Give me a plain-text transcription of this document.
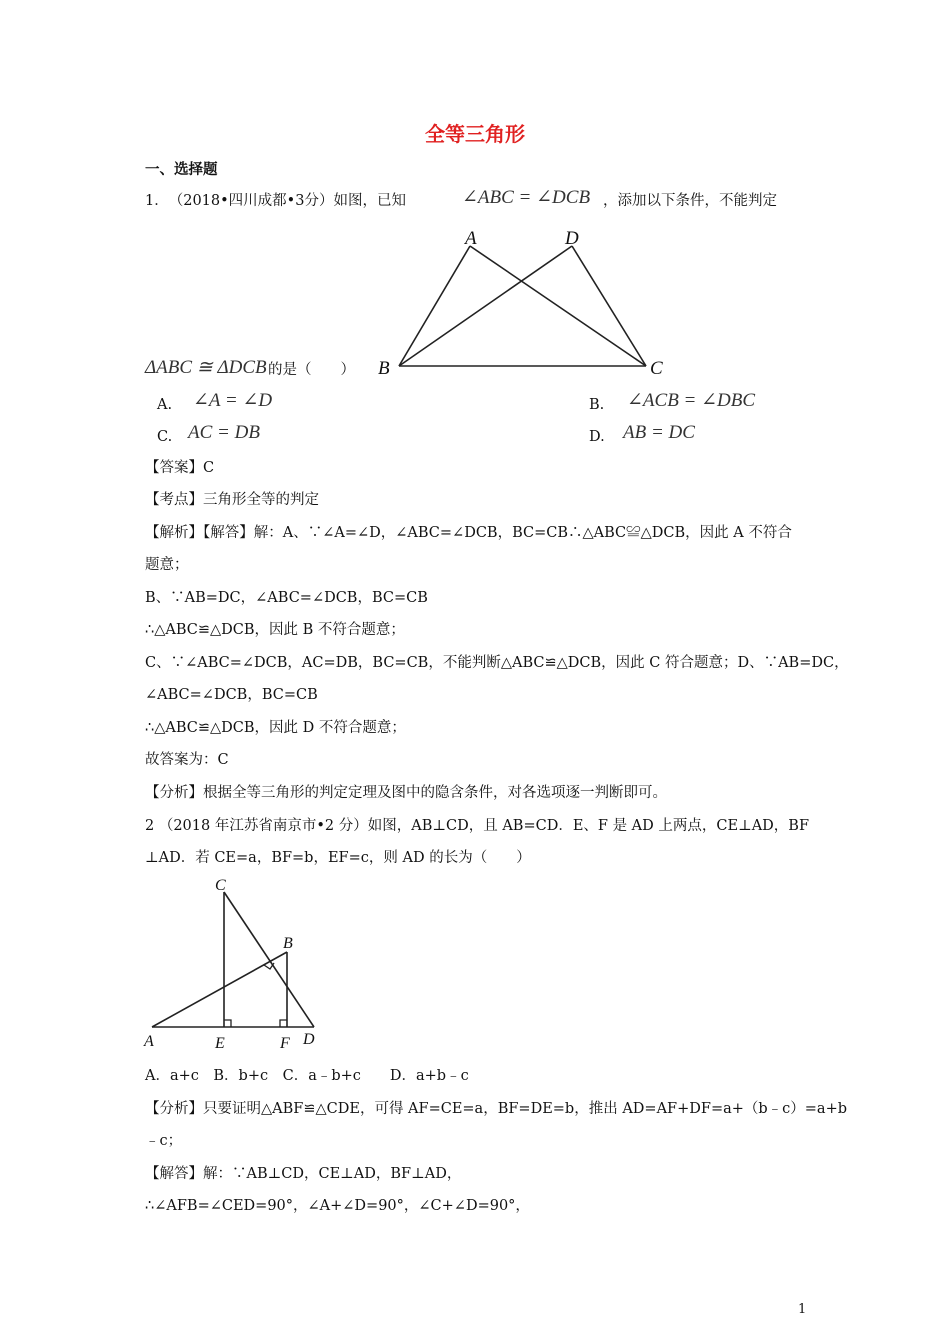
全等三角形
一、选择题
1．　（2018•四川成都•3分）如图，已知	∠ABC = ∠DCB ，添加以下条件，不能判定
A	D
B	C
ΔABC ≅ ΔDCB 的是（　　）
A. ∠A = ∠D	B. ∠ACB = ∠DBC
C. AC = DB	D. AB = DC
【答案】C
【考点】三角形全等的判定
【解析】【解答】解：A、∵∠A=∠D，∠ABC=∠DCB，BC=CB∴△ABC≌△DCB，因此 A 不符合
题意；
B、∵AB=DC，∠ABC=∠DCB，BC=CB
∴△ABC≌△DCB，因此 B 不符合题意；
C、∵∠ABC=∠DCB，AC=DB，BC=CB，不能判断△ABC≌△DCB，因此 C 符合题意；D、∵AB=DC，
∠ABC=∠DCB，BC=CB
∴△ABC≌△DCB，因此 D 不符合题意；
故答案为：C
【分析】根据全等三角形的判定定理及图中的隐含条件，对各选项逐一判断即可。
2 （2018 年江苏省南京市•2 分）如图，AB⊥CD，且 AB=CD．E、F 是 AD 上两点，CE⊥AD，BF
⊥AD．若 CE=a，BF=b，EF=c，则 AD 的长为（　　）
C
B
A	E	F D
A．a+c　B．b+c　C．a﹣b+c　　D．a+b﹣c
【分析】只要证明△ABF≌△CDE，可得 AF=CE=a，BF=DE=b，推出 AD=AF+DF=a+（b﹣c）=a+b
﹣c；
【解答】解：∵AB⊥CD，CE⊥AD，BF⊥AD，
∴∠AFB=∠CED=90°，∠A+∠D=90°，∠C+∠D=90°，
1
